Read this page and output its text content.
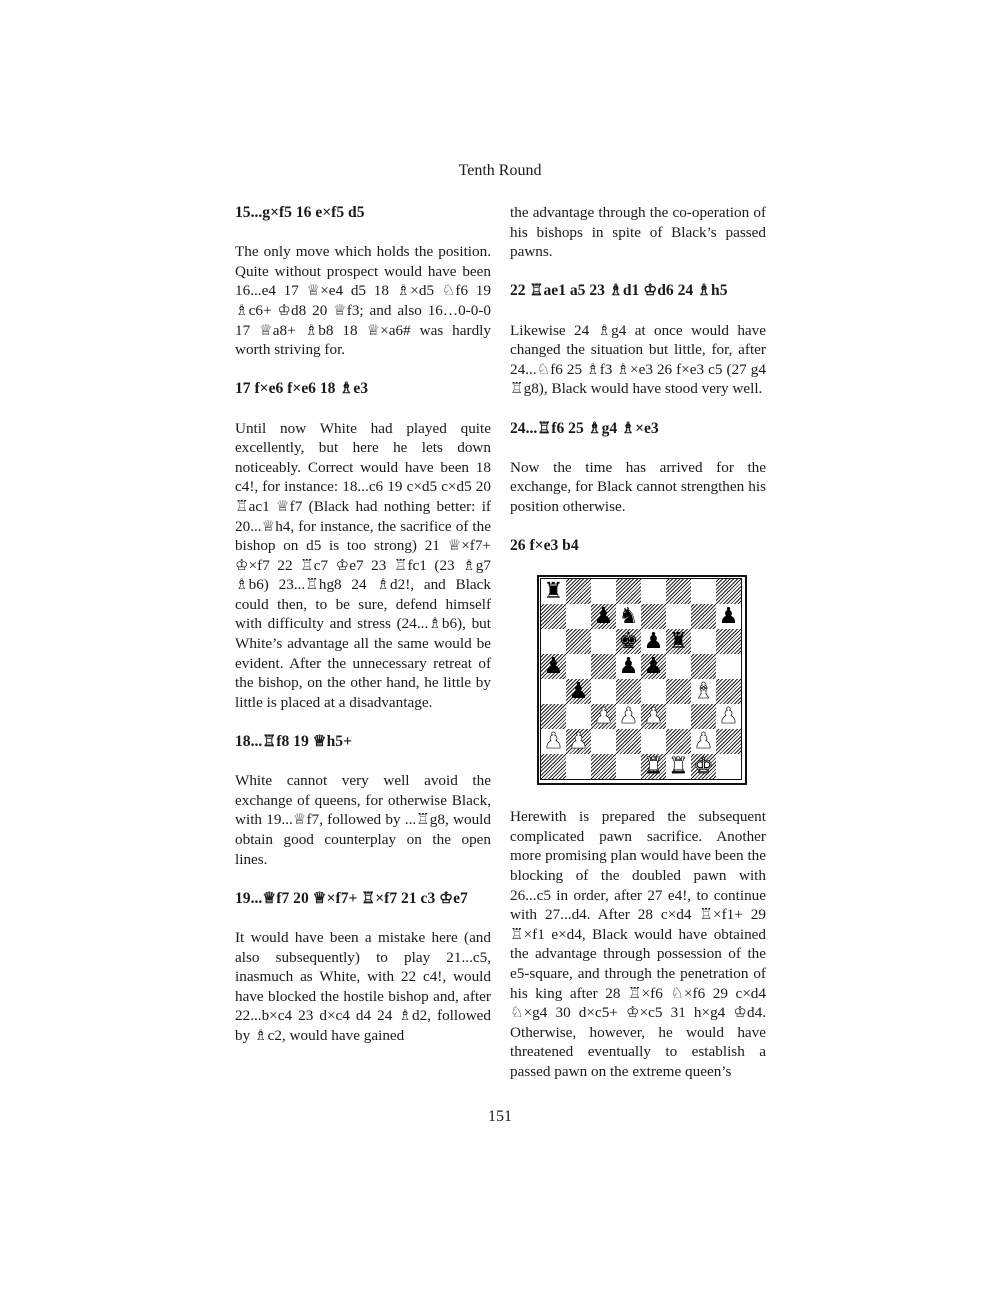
Tenth Round

15...g×f5 16 e×f5 d5

The only move which holds the position. Quite without prospect would have been 16...e4 17 ♕×e4 d5 18 ♗×d5 ♘f6 19 ♗c6+ ♔d8 20 ♕f3; and also 16…0-0-0 17 ♕a8+ ♗b8 18 ♕×a6# was hardly worth striving for.

17 f×e6 f×e6 18 ♗e3

Until now White had played quite excellently, but here he lets down noticeably. Correct would have been 18 c4!, for instance: 18...c6 19 c×d5 c×d5 20 ♖ac1 ♕f7 (Black had nothing better: if 20...♕h4, for instance, the sacrifice of the bishop on d5 is too strong) 21 ♕×f7+ ♔×f7 22 ♖c7 ♔e7 23 ♖fc1 (23 ♗g7 ♗b6) 23...♖hg8 24 ♗d2!, and Black could then, to be sure, defend himself with difficulty and stress (24...♗b6), but White’s advantage all the same would be evident. After the unnecessary retreat of the bishop, on the other hand, he little by little is placed at a disadvantage.

18...♖f8 19 ♕h5+

White cannot very well avoid the exchange of queens, for otherwise Black, with 19...♕f7, followed by ...♖g8, would obtain good counterplay on the open lines.

19...♕f7 20 ♕×f7+ ♖×f7 21 c3 ♔e7

It would have been a mistake here (and also subsequently) to play 21...c5, inasmuch as White, with 22 c4!, would have blocked the hostile bishop and, after 22...b×c4 23 d×c4 d4 24 ♗d2, followed by ♗c2, would have gained

the advantage through the co-operation of his bishops in spite of Black’s passed pawns.

22 ♖ae1 a5 23 ♗d1 ♔d6 24 ♗h5

Likewise 24 ♗g4 at once would have changed the situation but little, for, after 24...♘f6 25 ♗f3 ♗×e3 26 f×e3 c5 (27 g4 ♖g8), Black would have stood very well.

24...♖f6 25 ♗g4 ♗×e3

Now the time has arrived for the exchange, for Black cannot strengthen his position otherwise.

26 f×e3 b4

♜
♟ ♞	♟
♚ ♟ ♜
♟	♟ ♟
♟	♝
♟ ♟ ♟	♟
♟ ♟	♟
♜ ♜ ♚

Herewith is prepared the subsequent complicated pawn sacrifice. Another more promising plan would have been the blocking of the doubled pawn with 26...c5 in order, after 27 e4!, to continue with 27...d4. After 28 c×d4 ♖×f1+ 29 ♖×f1 e×d4, Black would have obtained the advantage through possession of the e5-square, and through the penetration of his king after 28 ♖×f6 ♘×f6 29 c×d4 ♘×g4 30 d×c5+ ♔×c5 31 h×g4 ♔d4. Otherwise, however, he would have threatened eventually to establish a passed pawn on the extreme queen’s

151
